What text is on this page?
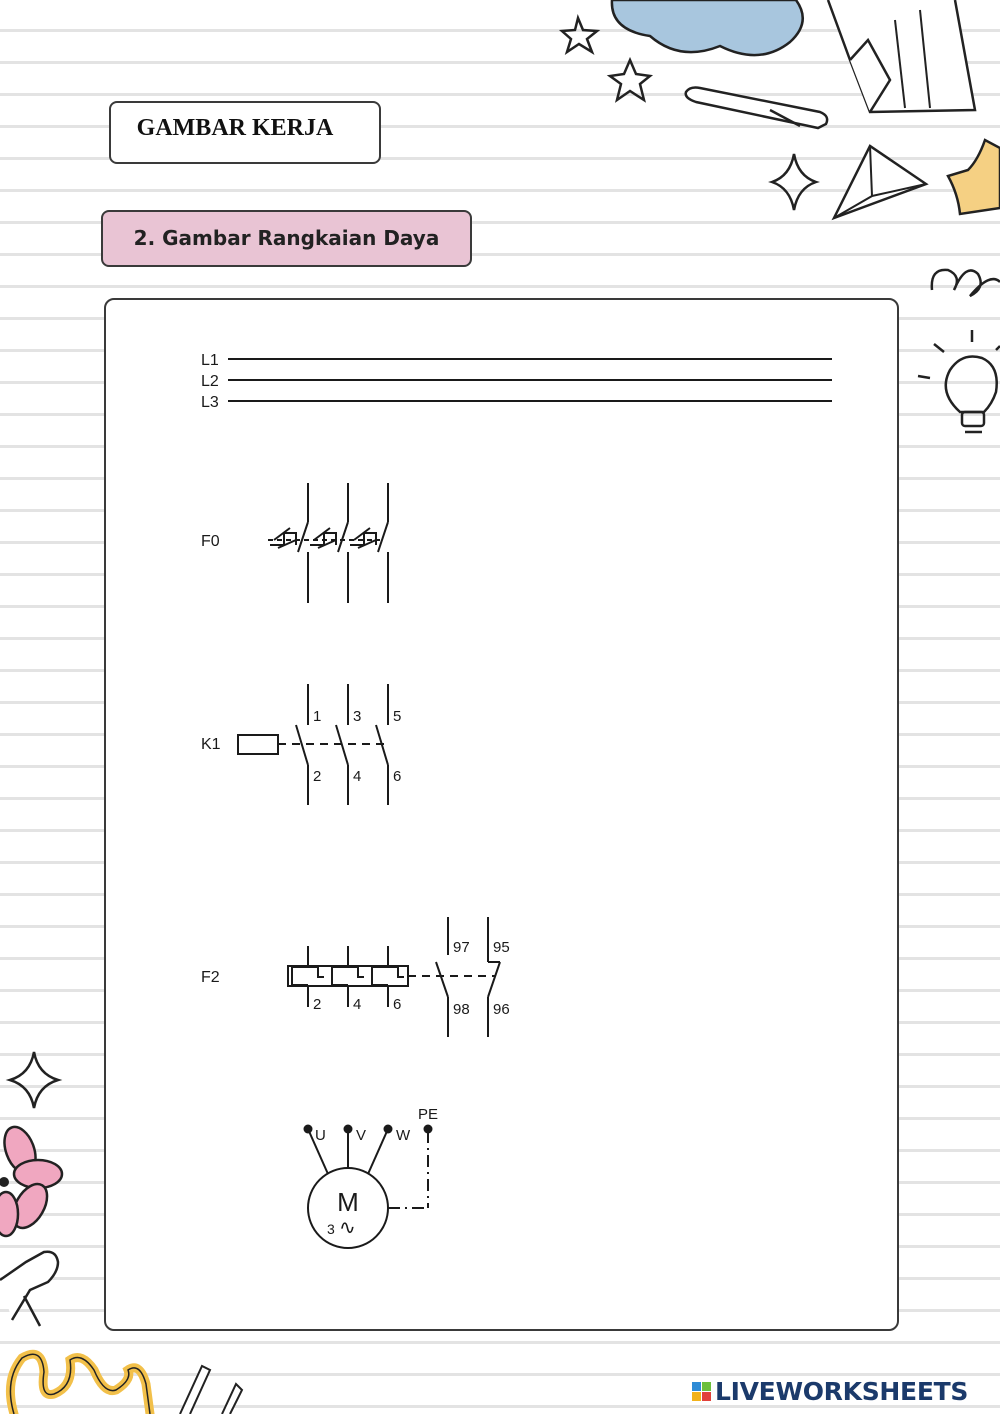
GAMBAR KERJA
2. Gambar Rangkaian Daya
L1
L2
L3
F0
K1
1 3 5
2 4 6
F2
2 4 6
97 95
98 96
U V W
PE
M
3 ∿
LIVEWORKSHEETS
